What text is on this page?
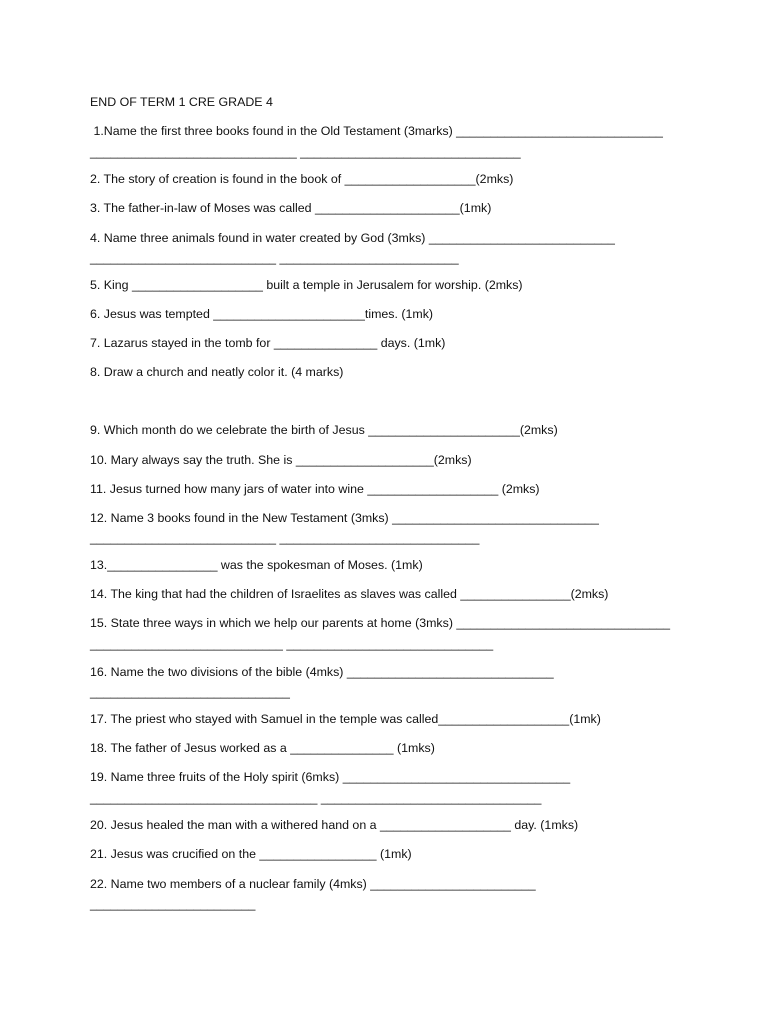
END OF TERM 1 CRE GRADE 4

1.Name the first three books found in the Old Testament (3marks) ______________________________

______________________________ ________________________________

2. The story of creation is found in the book of ___________________(2mks)

3. The father-in-law of Moses was called _____________________(1mk)

4. Name three animals found in water created by God (3mks) ___________________________

___________________________ __________________________

5. King ___________________ built a temple in Jerusalem for worship. (2mks)

6. Jesus was tempted ______________________times. (1mk)

7. Lazarus stayed in the tomb for _______________ days. (1mk)

8. Draw a church and neatly color it. (4 marks)

9. Which month do we celebrate the birth of Jesus ______________________(2mks)

10. Mary always say the truth. She is ____________________(2mks)

11. Jesus turned how many jars of water into wine ___________________ (2mks)

12. Name 3 books found in the New Testament (3mks) ______________________________

___________________________ _____________________________

13.________________ was the spokesman of Moses. (1mk)

14. The king that had the children of Israelites as slaves was called ________________(2mks)

15. State three ways in which we help our parents at home (3mks) _______________________________

____________________________ ______________________________

16. Name the two divisions of the bible (4mks) ______________________________

_____________________________

17. The priest who stayed with Samuel in the temple was called___________________(1mk)

18. The father of Jesus worked as a _______________ (1mks)

19. Name three fruits of the Holy spirit (6mks) _________________________________

_________________________________ ________________________________

20. Jesus healed the man with a withered hand on a ___________________ day. (1mks)

21. Jesus was crucified on the _________________ (1mk)

22. Name two members of a nuclear family (4mks) ________________________

________________________
